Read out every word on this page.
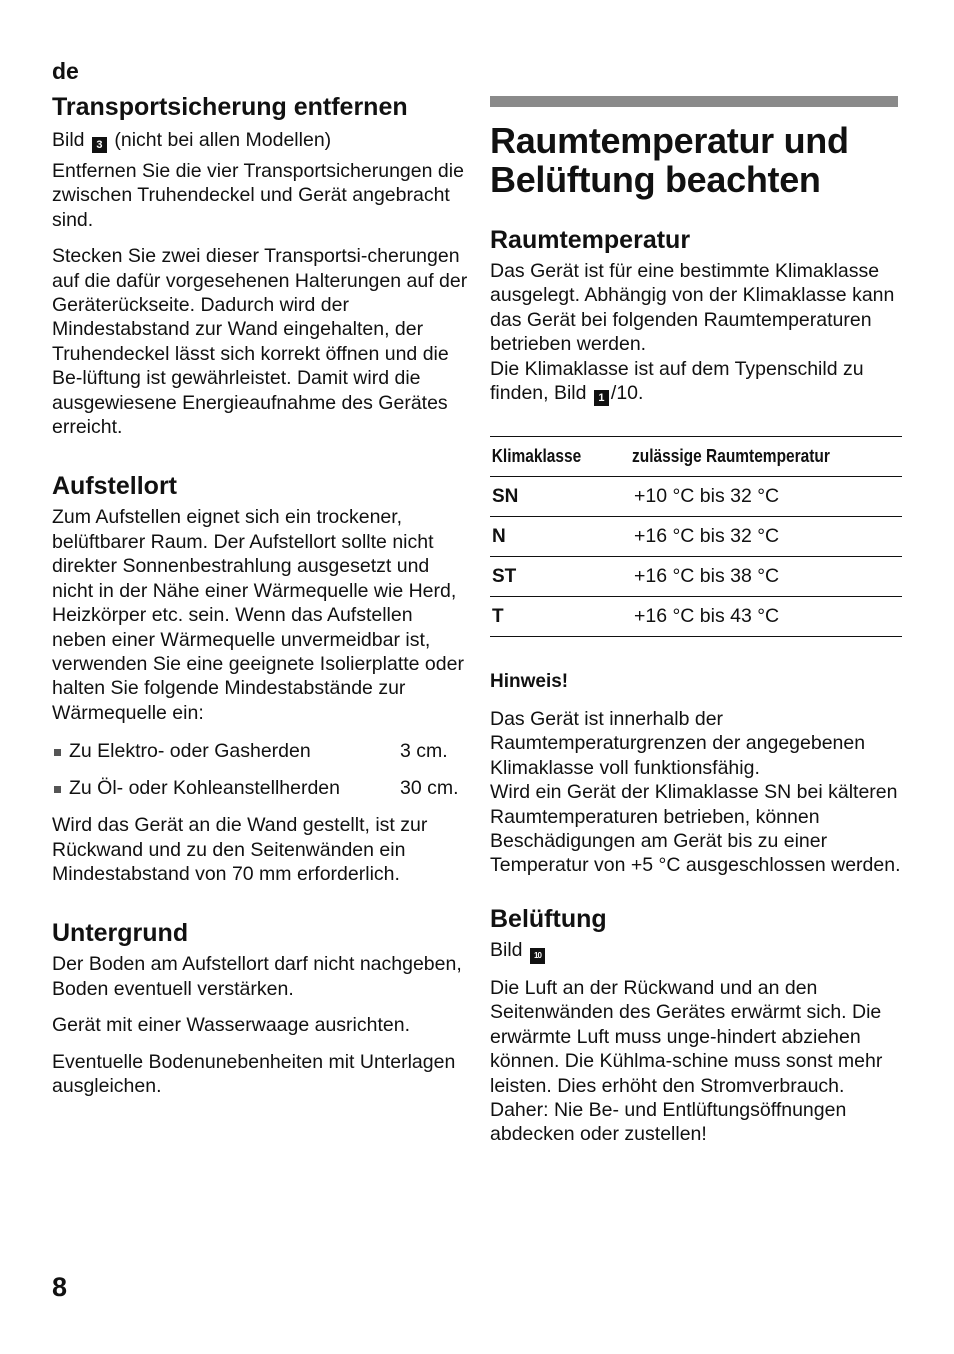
de
Transportsicherung entfernen

Bild 3 (nicht bei allen Modellen)

Entfernen Sie die vier Transportsicherungen die zwischen Truhendeckel und Gerät angebracht sind.

Stecken Sie zwei dieser Transportsi-cherungen auf die dafür vorgesehenen Halterungen auf der Geräterückseite. Dadurch wird der Mindestabstand zur Wand eingehalten, der Truhendeckel lässt sich korrekt öffnen und die Be-lüftung ist gewährleistet. Damit wird die ausgewiesene Energieaufnahme des Gerätes erreicht.

Aufstellort

Zum Aufstellen eignet sich ein trockener, belüftbarer Raum. Der Aufstellort sollte nicht direkter Sonnenbestrahlung ausgesetzt und nicht in der Nähe einer Wärmequelle wie Herd, Heizkörper etc. sein. Wenn das Aufstellen neben einer Wärmequelle unvermeidbar ist, verwenden Sie eine geeignete Isolierplatte oder halten Sie folgende Mindestabstände zur Wärmequelle ein:

Zu Elektro- oder Gasherden	3 cm.
Zu Öl- oder Kohleanstellherden	30 cm.

Wird das Gerät an die Wand gestellt, ist zur Rückwand und zu den Seitenwänden ein Mindestabstand von 70 mm erforderlich.

Untergrund

Der Boden am Aufstellort darf nicht nachgeben, Boden eventuell verstärken.

Gerät mit einer Wasserwaage ausrichten.

Eventuelle Bodenunebenheiten mit Unterlagen ausgleichen.

Raumtemperatur und
Belüftung beachten
Raumtemperatur

Das Gerät ist für eine bestimmte Klimaklasse ausgelegt. Abhängig von der Klimaklasse kann das Gerät bei folgenden Raumtemperaturen betrieben werden.

Die Klimaklasse ist auf dem Typenschild zu finden, Bild 1 /10.

Klimaklasse	zulässige Raumtemperatur
SN	+10 °C bis 32 °C
N	+16 °C bis 32 °C
ST	+16 °C bis 38 °C
T	+16 °C bis 43 °C
Hinweis!

Das Gerät ist innerhalb der Raumtemperaturgrenzen der angegebenen Klimaklasse voll funktionsfähig.

Wird ein Gerät der Klimaklasse SN bei kälteren Raumtemperaturen betrieben, können Beschädigungen am Gerät bis zu einer Temperatur von +5 °C ausgeschlossen werden.

Belüftung

Bild 10

Die Luft an der Rückwand und an den Seitenwänden des Gerätes erwärmt sich. Die erwärmte Luft muss unge-hindert abziehen können. Die Kühlma-schine muss sonst mehr leisten. Dies erhöht den Stromverbrauch. Daher: Nie Be- und Entlüftungsöffnungen abdecken oder zustellen!

8
